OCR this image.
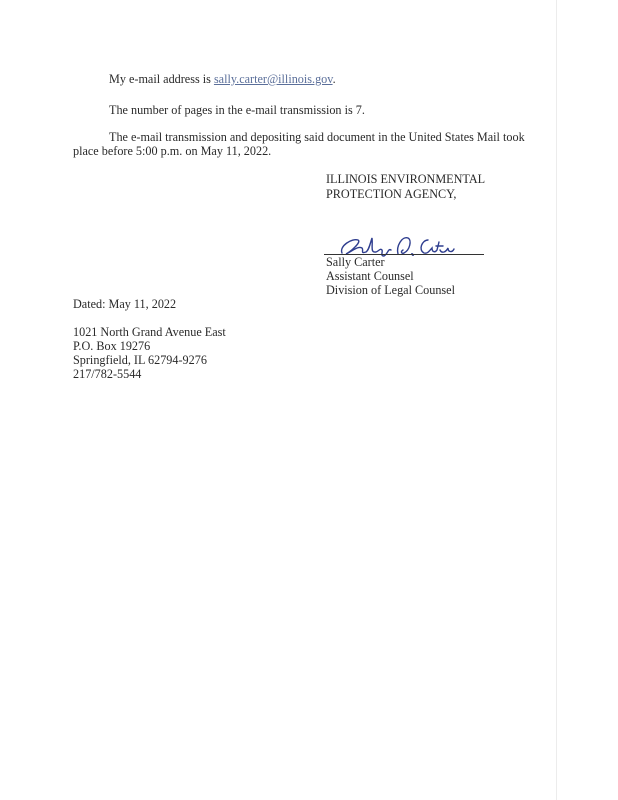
My e-mail address is sally.carter@illinois.gov.
The number of pages in the e-mail transmission is 7.
The e-mail transmission and depositing said document in the United States Mail took
place before 5:00 p.m. on May 11, 2022.
ILLINOIS ENVIRONMENTAL
PROTECTION AGENCY,
Sally Carter
Assistant Counsel
Division of Legal Counsel
Dated: May 11, 2022
1021 North Grand Avenue East
P.O. Box 19276
Springfield, IL 62794-9276
217/782-5544
